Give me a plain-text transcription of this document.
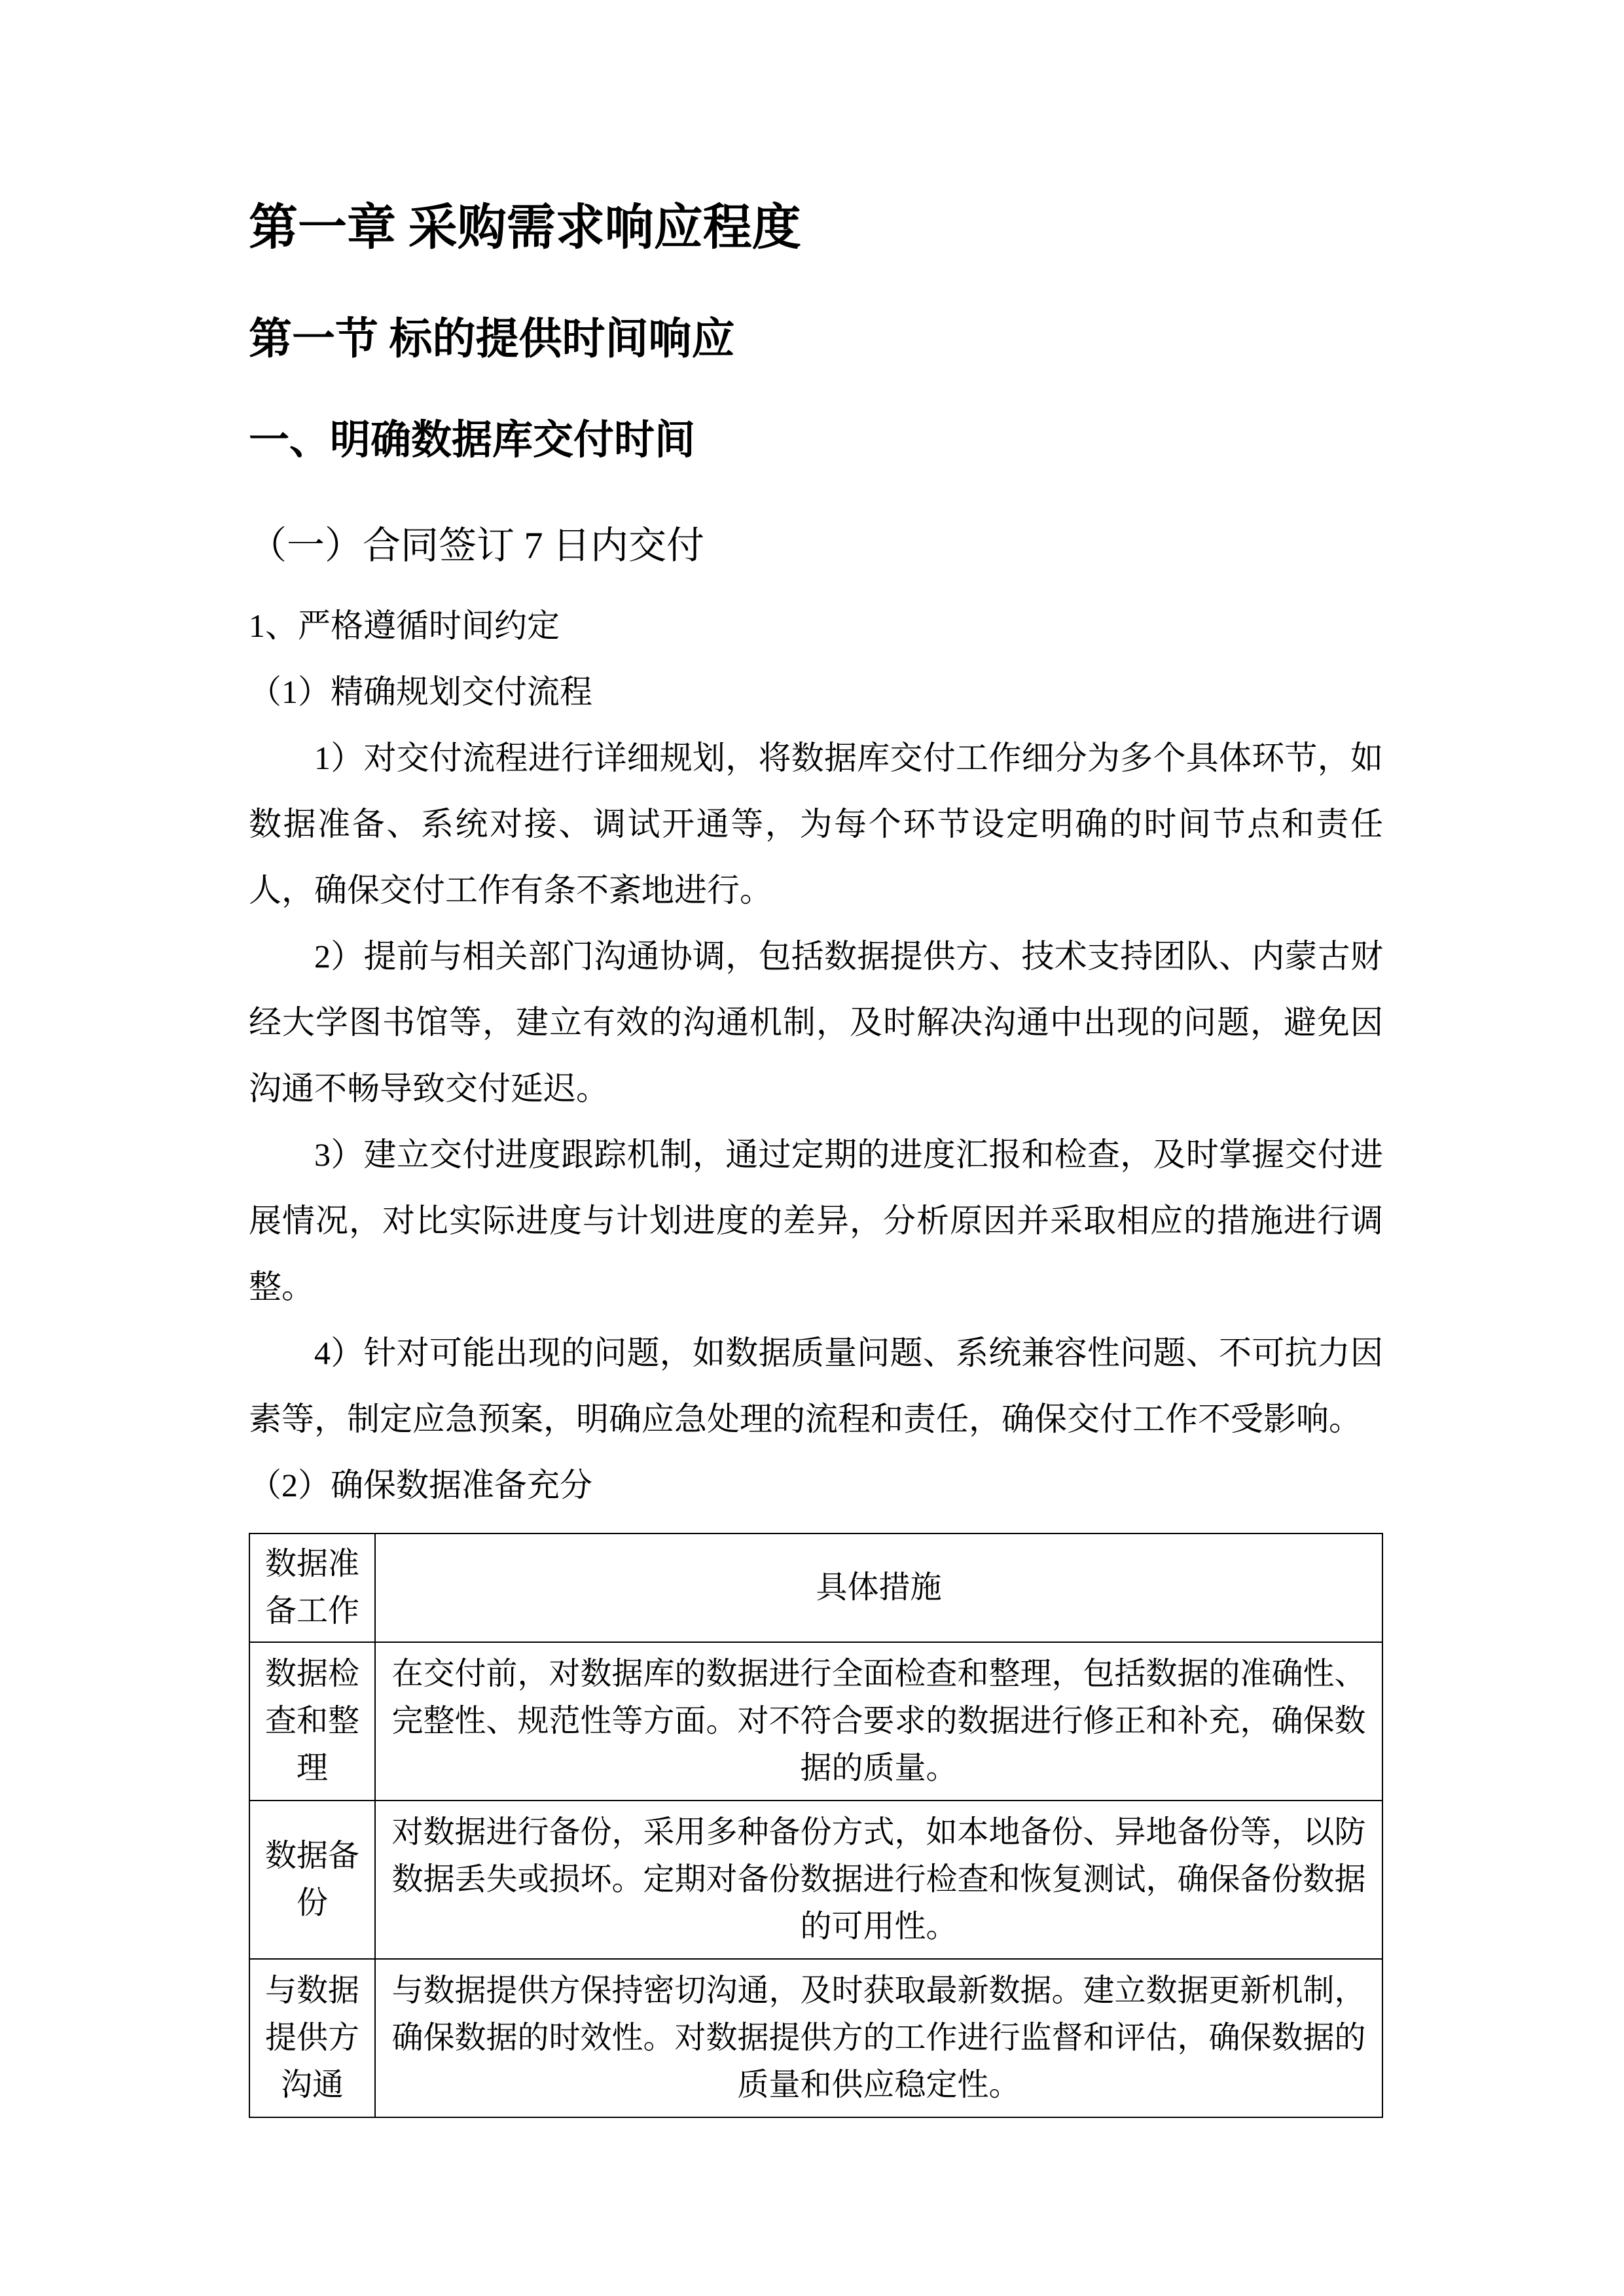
第一章 采购需求响应程度
第一节 标的提供时间响应
一、明确数据库交付时间
（一）合同签订 7 日内交付

1、严格遵循时间约定

（1）精确规划交付流程

1）对交付流程进行详细规划，将数据库交付工作细分为多个具体环节，如数据准备、系统对接、调试开通等，为每个环节设定明确的时间节点和责任人，确保交付工作有条不紊地进行。

2）提前与相关部门沟通协调，包括数据提供方、技术支持团队、内蒙古财经大学图书馆等，建立有效的沟通机制，及时解决沟通中出现的问题，避免因沟通不畅导致交付延迟。

3）建立交付进度跟踪机制，通过定期的进度汇报和检查，及时掌握交付进展情况，对比实际进度与计划进度的差异，分析原因并采取相应的措施进行调整。

4）针对可能出现的问题，如数据质量问题、系统兼容性问题、不可抗力因素等，制定应急预案，明确应急处理的流程和责任，确保交付工作不受影响。

（2）确保数据准备充分

数据准备工作	具体措施
数据检查和整理	在交付前，对数据库的数据进行全面检查和整理，包括数据的准确性、完整性、规范性等方面。对不符合要求的数据进行修正和补充，确保数据的质量。
数据备份	对数据进行备份，采用多种备份方式，如本地备份、异地备份等，以防数据丢失或损坏。定期对备份数据进行检查和恢复测试，确保备份数据的可用性。
与数据提供方沟通	与数据提供方保持密切沟通，及时获取最新数据。建立数据更新机制，确保数据的时效性。对数据提供方的工作进行监督和评估，确保数据的质量和供应稳定性。
